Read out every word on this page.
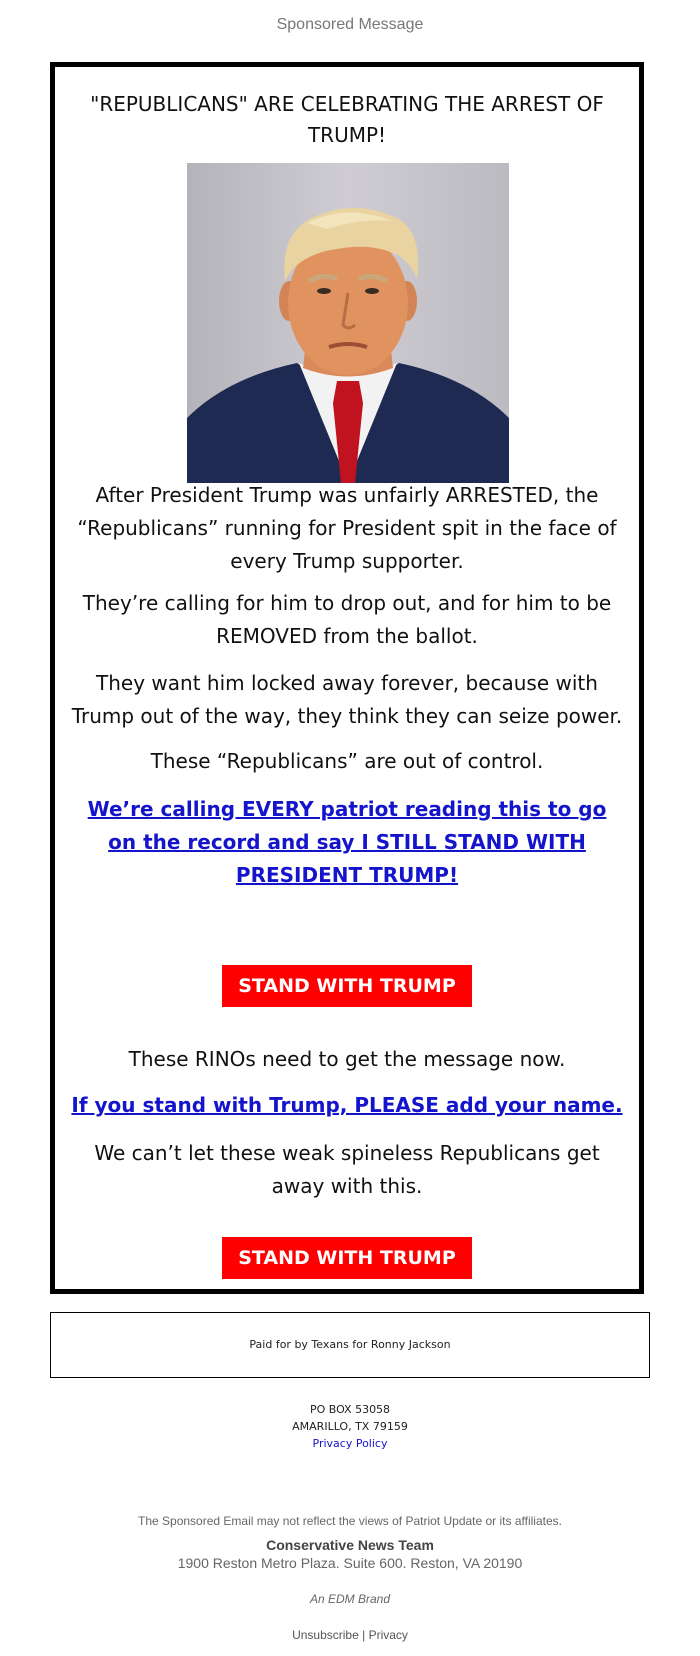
Sponsored Message
"REPUBLICANS" ARE CELEBRATING THE ARREST OF TRUMP!
After President Trump was unfairly ARRESTED, the “Republicans” running for President spit in the face of every Trump supporter.
They’re calling for him to drop out, and for him to be REMOVED from the ballot.
They want him locked away forever, because with Trump out of the way, they think they can seize power.
These “Republicans” are out of control.
We’re calling EVERY patriot reading this to go on the record and say I STILL STAND WITH PRESIDENT TRUMP!
STAND WITH TRUMP
These RINOs need to get the message now.
If you stand with Trump, PLEASE add your name.
We can’t let these weak spineless Republicans get away with this.
STAND WITH TRUMP
Paid for by Texans for Ronny Jackson
PO BOX 53058
AMARILLO, TX 79159
Privacy Policy

The Sponsored Email may not reflect the views of Patriot Update or its affiliates.

Conservative News Team

1900 Reston Metro Plaza. Suite 600. Reston, VA 20190

An EDM Brand

Unsubscribe | Privacy
